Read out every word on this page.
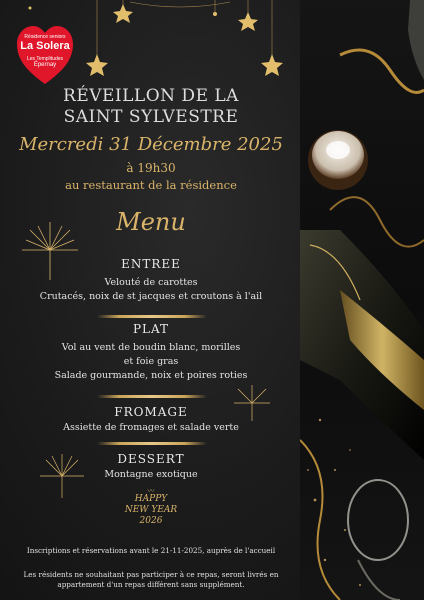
Résidence seniors
La Solera
Les Templitudes
Épernay
RÉVEILLON DE LA
SAINT SYLVESTRE
Mercredi 31 Décembre 2025
à 19h30
au restaurant de la résidence
Menu
ENTREE
Velouté de carottes
Crutacés, noix de st jacques et croutons à l'ail
PLAT
Vol au vent de boudin blanc, morilles
et foie gras
Salade gourmande, noix et poires roties
FROMAGE
Assiette de fromages et salade verte
DESSERT
Montagne exotique
〰
HAPPY
NEW YEAR
2026
Inscriptions et réservations avant le 21-11-2025, auprès de l'accueil
Les résidents ne souhaitant pas participer à ce repas, seront livrés en
appartement d'un repas différent sans supplément.
